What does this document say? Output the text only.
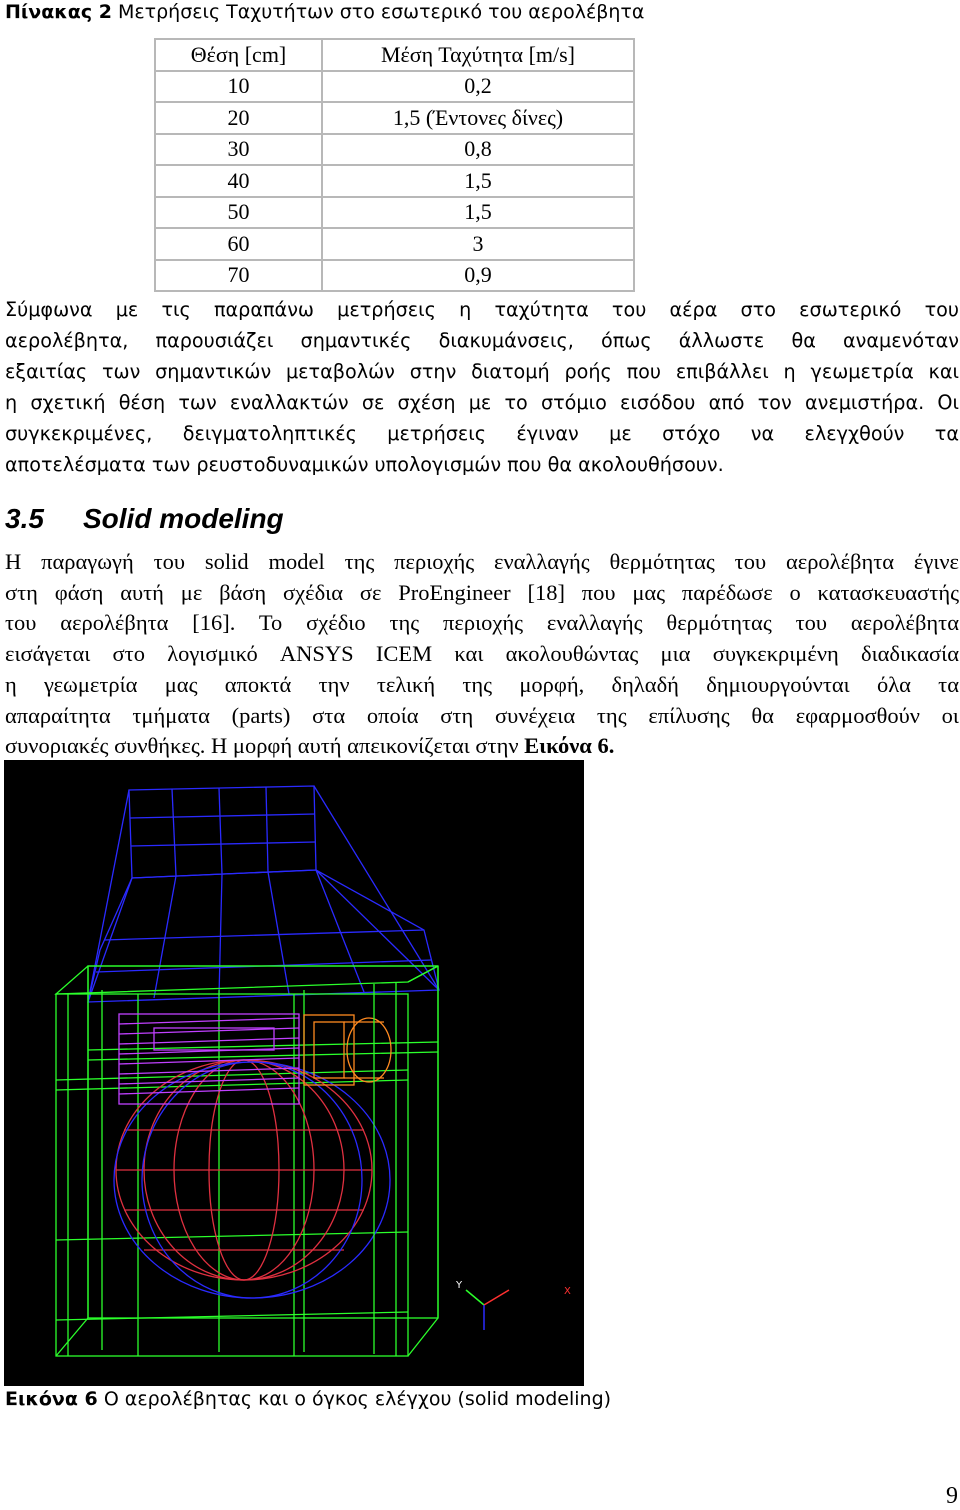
Πίνακας 2 Μετρήσεις Ταχυτήτων στο εσωτερικό του αερολέβητα
Θέση [cm]	Μέση Ταχύτητα [m/s]
10	0,2
20	1,5 (Έντονες δίνες)
30	0,8
40	1,5
50	1,5
60	3
70	0,9
Σύμφωνα με τις παραπάνω μετρήσεις η ταχύτητα του αέρα στο εσωτερικό του
αερολέβητα, παρουσιάζει σημαντικές διακυμάνσεις, όπως άλλωστε θα αναμενόταν
εξαιτίας των σημαντικών μεταβολών στην διατομή ροής που επιβάλλει η γεωμετρία και
η σχετική θέση των εναλλακτών σε σχέση με το στόμιο εισόδου από τον ανεμιστήρα. Οι
συγκεκριμένες, δειγματοληπτικές μετρήσεις έγιναν με στόχο να ελεγχθούν τα
αποτελέσματα των ρευστοδυναμικών υπολογισμών που θα ακολουθήσουν.
3.5 Solid modeling
Η παραγωγή του solid model της περιοχής εναλλαγής θερμότητας του αερολέβητα έγινε
στη φάση αυτή με βάση σχέδια σε ProEngineer [18] που μας παρέδωσε ο κατασκευαστής
του αερολέβητα [16]. Το σχέδιο της περιοχής εναλλαγής θερμότητας του αερολέβητα
εισάγεται στο λογισμικό ANSYS ICEM και ακολουθώντας μια συγκεκριμένη διαδικασία
η γεωμετρία μας αποκτά την τελική της μορφή, δηλαδή δημιουργούνται όλα τα
απαραίτητα τμήματα (parts) στα οποία στη συνέχεια της επίλυσης θα εφαρμοσθούν οι
συνοριακές συνθήκες. Η μορφή αυτή απεικονίζεται στην Εικόνα 6.
Y
X
Εικόνα 6 Ο αερολέβητας και ο όγκος ελέγχου (solid modeling)
9
